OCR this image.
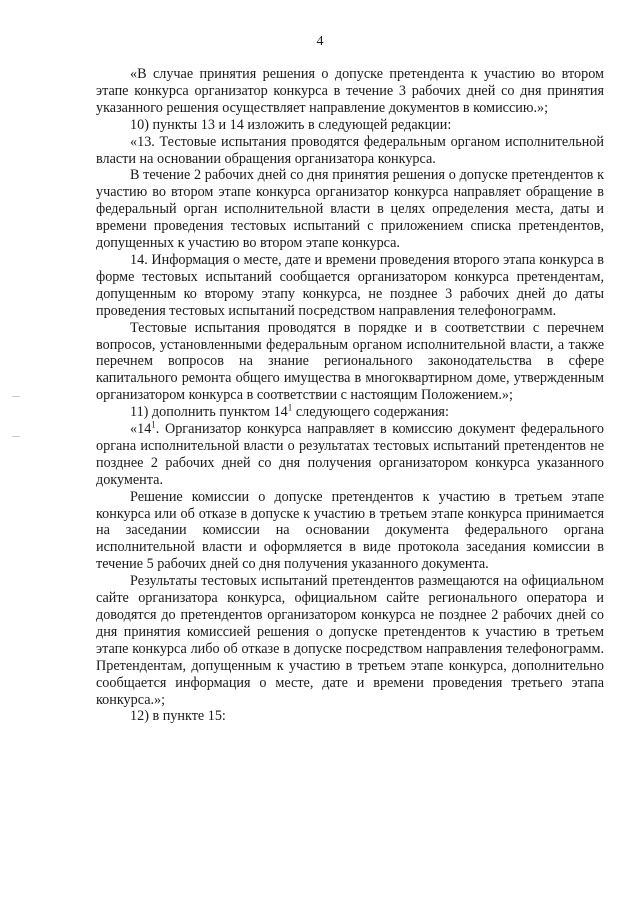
4

«В случае принятия решения о допуске претендента к участию во втором этапе конкурса организатор конкурса в течение 3 рабочих дней со дня принятия указанного решения осуществляет направление документов в комиссию.»;

10) пункты 13 и 14 изложить в следующей редакции:

«13. Тестовые испытания проводятся федеральным органом исполнительной власти на основании обращения организатора конкурса.

В течение 2 рабочих дней со дня принятия решения о допуске претендентов к участию во втором этапе конкурса организатор конкурса направляет обращение в федеральный орган исполнительной власти в целях определения места, даты и времени проведения тестовых испытаний с приложением списка претендентов, допущенных к участию во втором этапе конкурса.

14. Информация о месте, дате и времени проведения второго этапа конкурса в форме тестовых испытаний сообщается организатором конкурса претендентам, допущенным ко второму этапу конкурса, не позднее 3 рабочих дней до даты проведения тестовых испытаний посредством направления телефонограмм.

Тестовые испытания проводятся в порядке и в соответствии с перечнем вопросов, установленными федеральным органом исполнительной власти, а также перечнем вопросов на знание регионального законодательства в сфере капитального ремонта общего имущества в многоквартирном доме, утвержденным организатором конкурса в соответствии с настоящим Положением.»;

11) дополнить пунктом $14^1$ следующего содержания:

«$14^1$. Организатор конкурса направляет в комиссию документ федерального органа исполнительной власти о результатах тестовых испытаний претендентов не позднее 2 рабочих дней со дня получения организатором конкурса указанного документа.

Решение комиссии о допуске претендентов к участию в третьем этапе конкурса или об отказе в допуске к участию в третьем этапе конкурса принимается на заседании комиссии на основании документа федерального органа исполнительной власти и оформляется в виде протокола заседания комиссии в течение 5 рабочих дней со дня получения указанного документа.

Результаты тестовых испытаний претендентов размещаются на официальном сайте организатора конкурса, официальном сайте регионального оператора и доводятся до претендентов организатором конкурса не позднее 2 рабочих дней со дня принятия комиссией решения о допуске претендентов к участию в третьем этапе конкурса либо об отказе в допуске посредством направления телефонограмм. Претендентам, допущенным к участию в третьем этапе конкурса, дополнительно сообщается информация о месте, дате и времени проведения третьего этапа конкурса.»;

12) в пункте 15:
